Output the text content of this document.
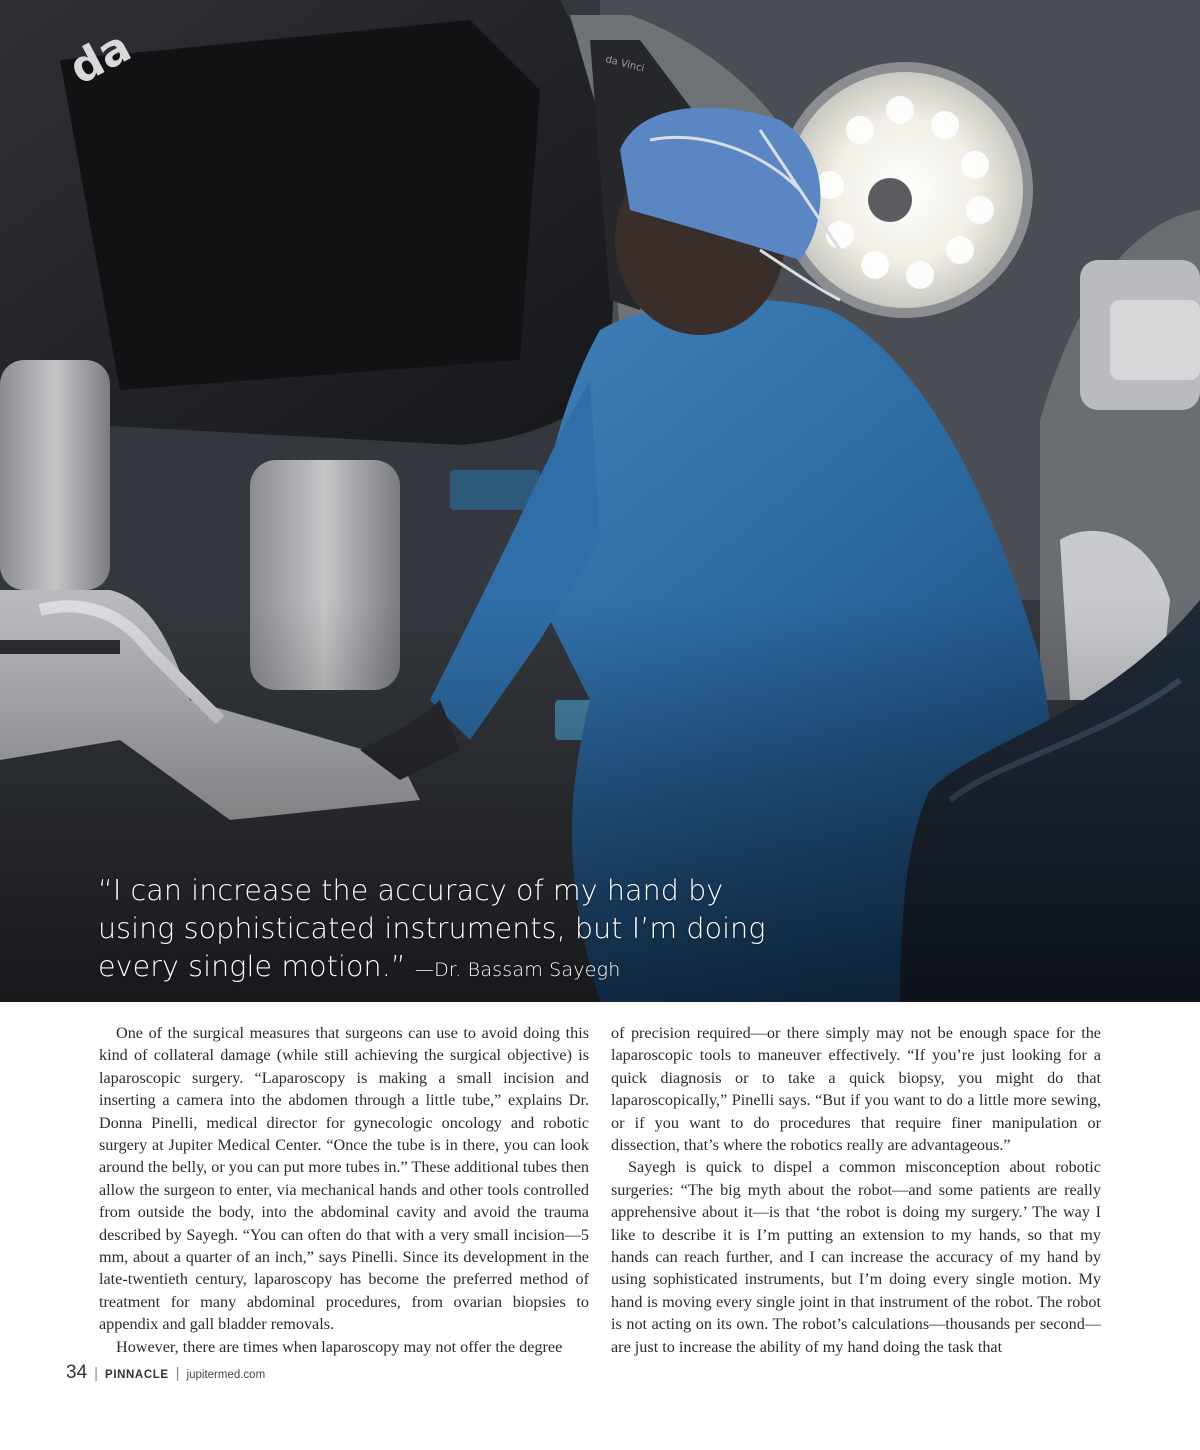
da Vinci
da
“I can increase the accuracy of my hand by using sophisticated instruments, but I’m doing every single motion.” —Dr. Bassam Sayegh

One of the surgical measures that surgeons can use to avoid doing this kind of collateral damage (while still achieving the surgical objective) is laparoscopic surgery. “Laparoscopy is making a small incision and inserting a camera into the abdomen through a little tube,” explains Dr. Donna Pinelli, medical director for gynecologic oncology and robotic surgery at Jupiter Medical Center. “Once the tube is in there, you can look around the belly, or you can put more tubes in.” These additional tubes then allow the surgeon to enter, via mechanical hands and other tools controlled from outside the body, into the abdominal cavity and avoid the trauma described by Sayegh. “You can often do that with a very small incision—5 mm, about a quarter of an inch,” says Pinelli. Since its development in the late-twentieth century, laparoscopy has become the preferred method of treatment for many abdominal procedures, from ovarian biopsies to appendix and gall bladder removals.

However, there are times when laparoscopy may not offer the degree

of precision required—or there simply may not be enough space for the laparoscopic tools to maneuver effectively. “If you’re just looking for a quick diagnosis or to take a quick biopsy, you might do that laparoscopically,” Pinelli says. “But if you want to do a little more sewing, or if you want to do procedures that require finer manipulation or dissection, that’s where the robotics really are advantageous.”

Sayegh is quick to dispel a common misconception about robotic surgeries: “The big myth about the robot—and some patients are really apprehensive about it—is that ‘the robot is doing my surgery.’ The way I like to describe it is I’m putting an extension to my hands, so that my hands can reach further, and I can increase the accuracy of my hand by using sophisticated instruments, but I’m doing every single motion. My hand is moving every single joint in that instrument of the robot. The robot is not acting on its own. The robot’s calculations—thousands per second—are just to increase the ability of my hand doing the task that

34 | PINNACLE | jupitermed.com
